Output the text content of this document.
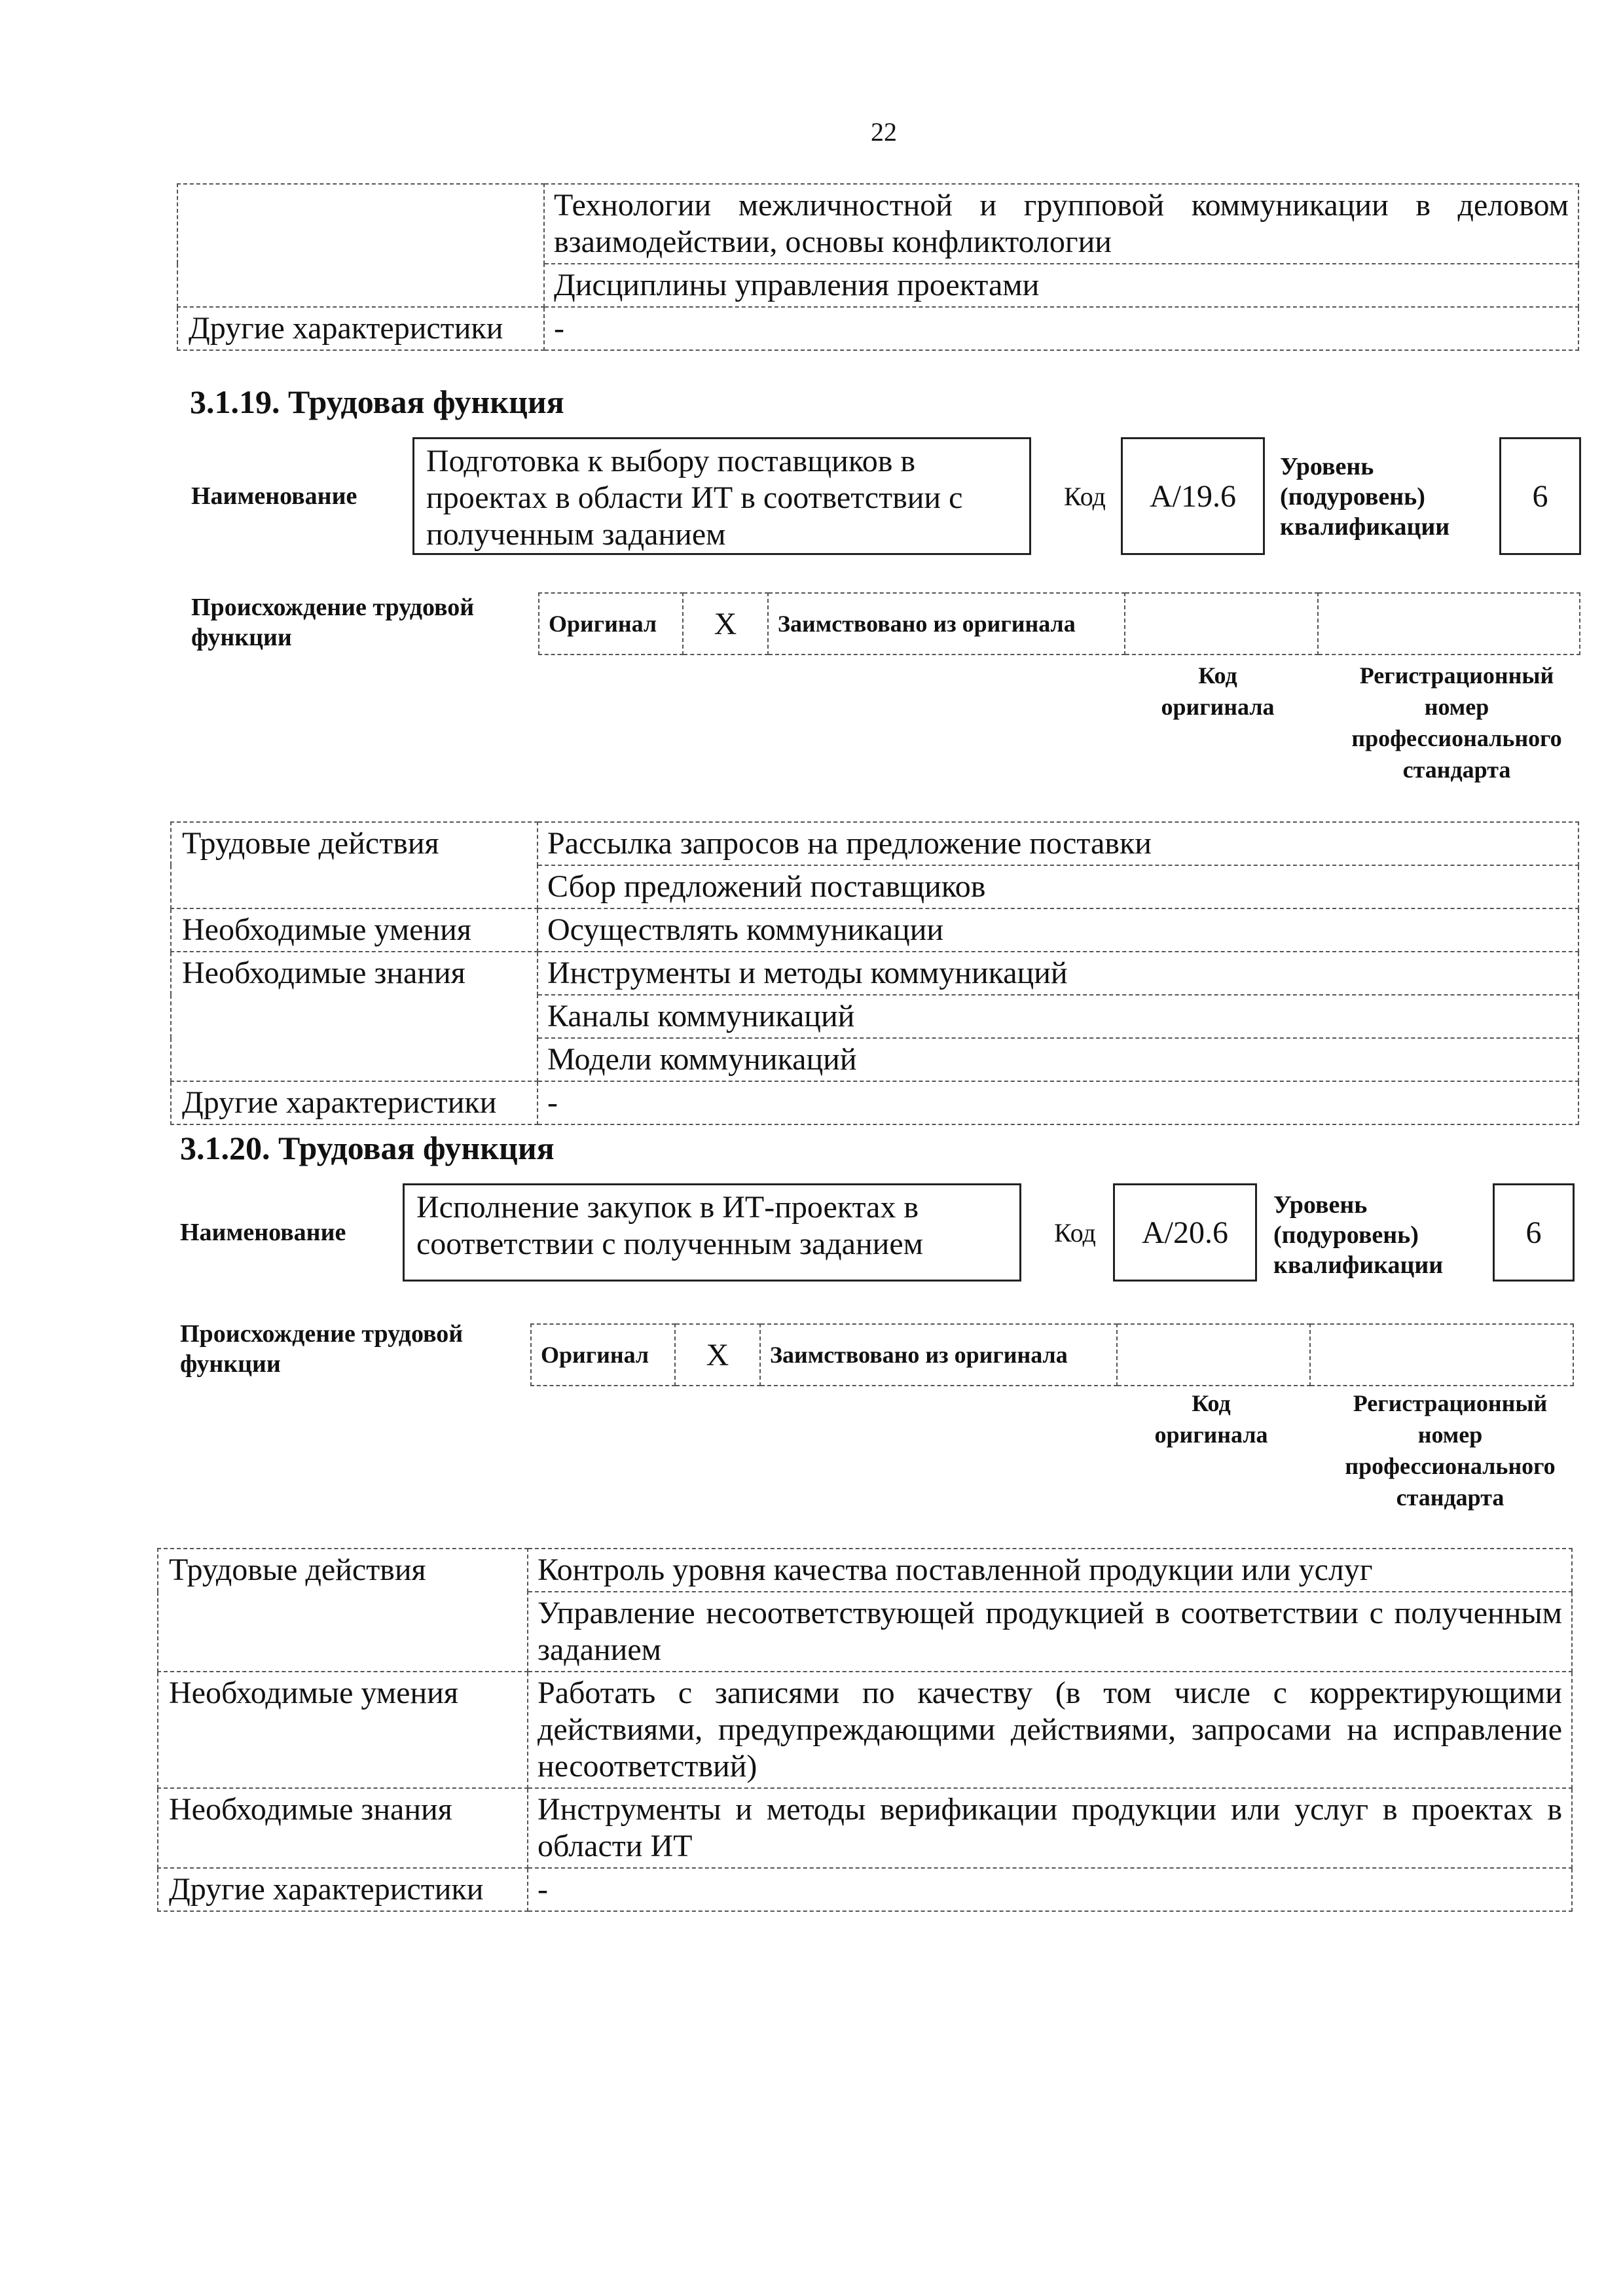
22
	Технологии межличностной и групповой коммуникации в деловом взаимодействии, основы конфликтологии
	Дисциплины управления проектами
Другие характеристики	-
3.1.19. Трудовая функция
Наименование
Подготовка к выбору поставщиков в проектах в области ИТ в соответствии с полученным заданием
Код A/19.6
Уровень (подуровень) квалификации
6
Происхождение трудовой функции	Оригинал	X	Заимствовано из оригинала		
Код оригинала
Регистрационный номер профессионального стандарта
Трудовые действия	Рассылка запросов на предложение поставки
	Сбор предложений поставщиков
Необходимые умения	Осуществлять коммуникации
Необходимые знания	Инструменты и методы коммуникаций
	Каналы коммуникаций
	Модели коммуникаций
Другие характеристики	-
3.1.20. Трудовая функция
Наименование
Исполнение закупок в ИТ-проектах в соответствии с полученным заданием	Код A/20.6
Уровень (подуровень) квалификации
6
Происхождение трудовой функции	Оригинал	X	Заимствовано из оригинала		
Код оригинала
Регистрационный номер профессионального стандарта
Трудовые действия	Контроль уровня качества поставленной продукции или услуг
	Управление несоответствующей продукцией в соответствии с полученным заданием
Необходимые умения	Работать с записями по качеству (в том числе с корректирующими действиями, предупреждающими действиями, запросами на исправление несоответствий)
Необходимые знания	Инструменты и методы верификации продукции или услуг в проектах в области ИТ
Другие характеристики	-
